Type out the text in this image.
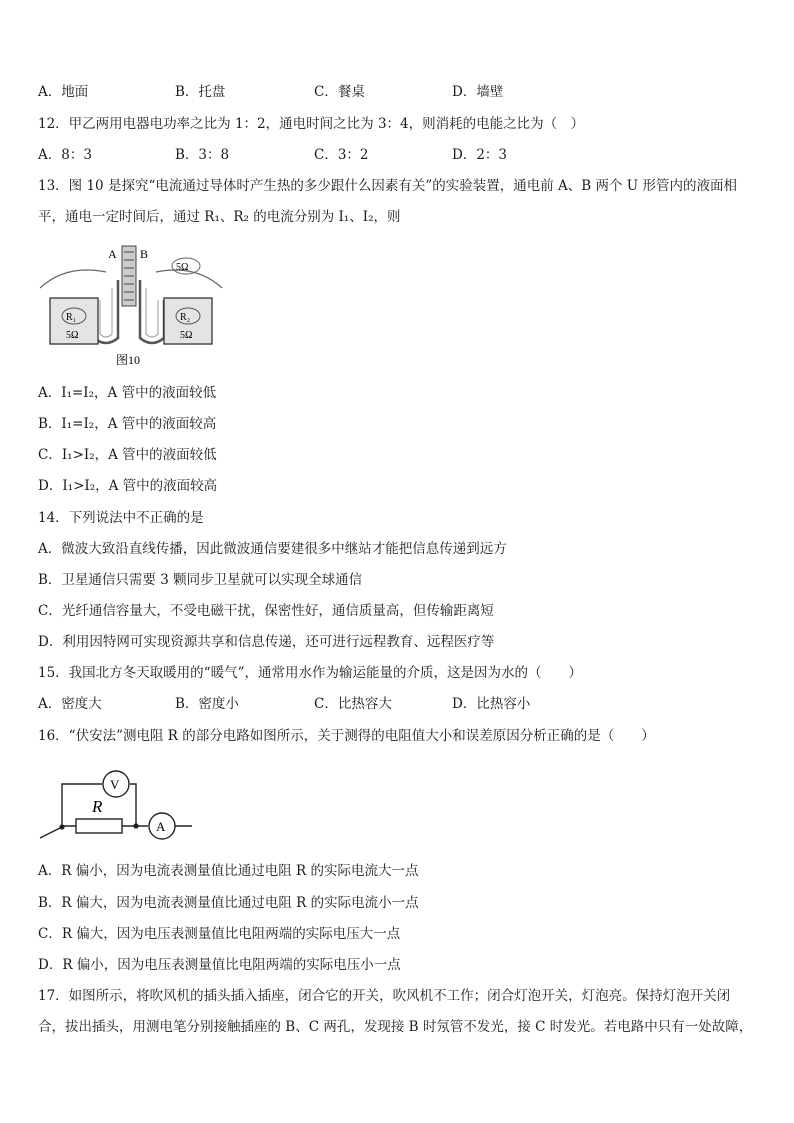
A．地面	B．托盘	C．餐桌	D．墙壁
12．甲乙两用电器电功率之比为 1：2，通电时间之比为 3：4，则消耗的电能之比为（　）
A．8：3	B．3：8	C．3：2	D．2：3
13．图 10 是探究“电流通过导体时产生热的多少跟什么因素有关”的实验装置，通电前 A、B 两个 U 形管内的液面相
平，通电一定时间后，通过 R₁、R₂ 的电流分别为 I₁、I₂，则
A B
5Ω
R₁
5Ω
R₂
5Ω
图10
A．I₁=I₂，A 管中的液面较低
B．I₁=I₂，A 管中的液面较高
C．I₁>I₂，A 管中的液面较低
D．I₁>I₂，A 管中的液面较高
14．下列说法中不正确的是
A．微波大致沿直线传播，因此微波通信要建很多中继站才能把信息传递到远方
B．卫星通信只需要 3 颗同步卫星就可以实现全球通信
C．光纤通信容量大，不受电磁干扰，保密性好，通信质量高，但传输距离短
D．利用因特网可实现资源共享和信息传递，还可进行远程教育、远程医疗等
15．我国北方冬天取暖用的“暖气”，通常用水作为输运能量的介质，这是因为水的（　　）
A．密度大	B．密度小	C．比热容大	D．比热容小
16．“伏安法”测电阻 R 的部分电路如图所示，关于测得的电阻值大小和误差原因分析正确的是（　　）
R
V
A
A．R 偏小，因为电流表测量值比通过电阻 R 的实际电流大一点
B．R 偏大，因为电流表测量值比通过电阻 R 的实际电流小一点
C．R 偏大，因为电压表测量值比电阻两端的实际电压大一点
D．R 偏小，因为电压表测量值比电阻两端的实际电压小一点
17．如图所示，将吹风机的插头插入插座，闭合它的开关，吹风机不工作；闭合灯泡开关，灯泡亮。保持灯泡开关闭
合，拔出插头，用测电笔分别接触插座的 B、C 两孔，发现接 B 时氖管不发光，接 C 时发光。若电路中只有一处故障，
